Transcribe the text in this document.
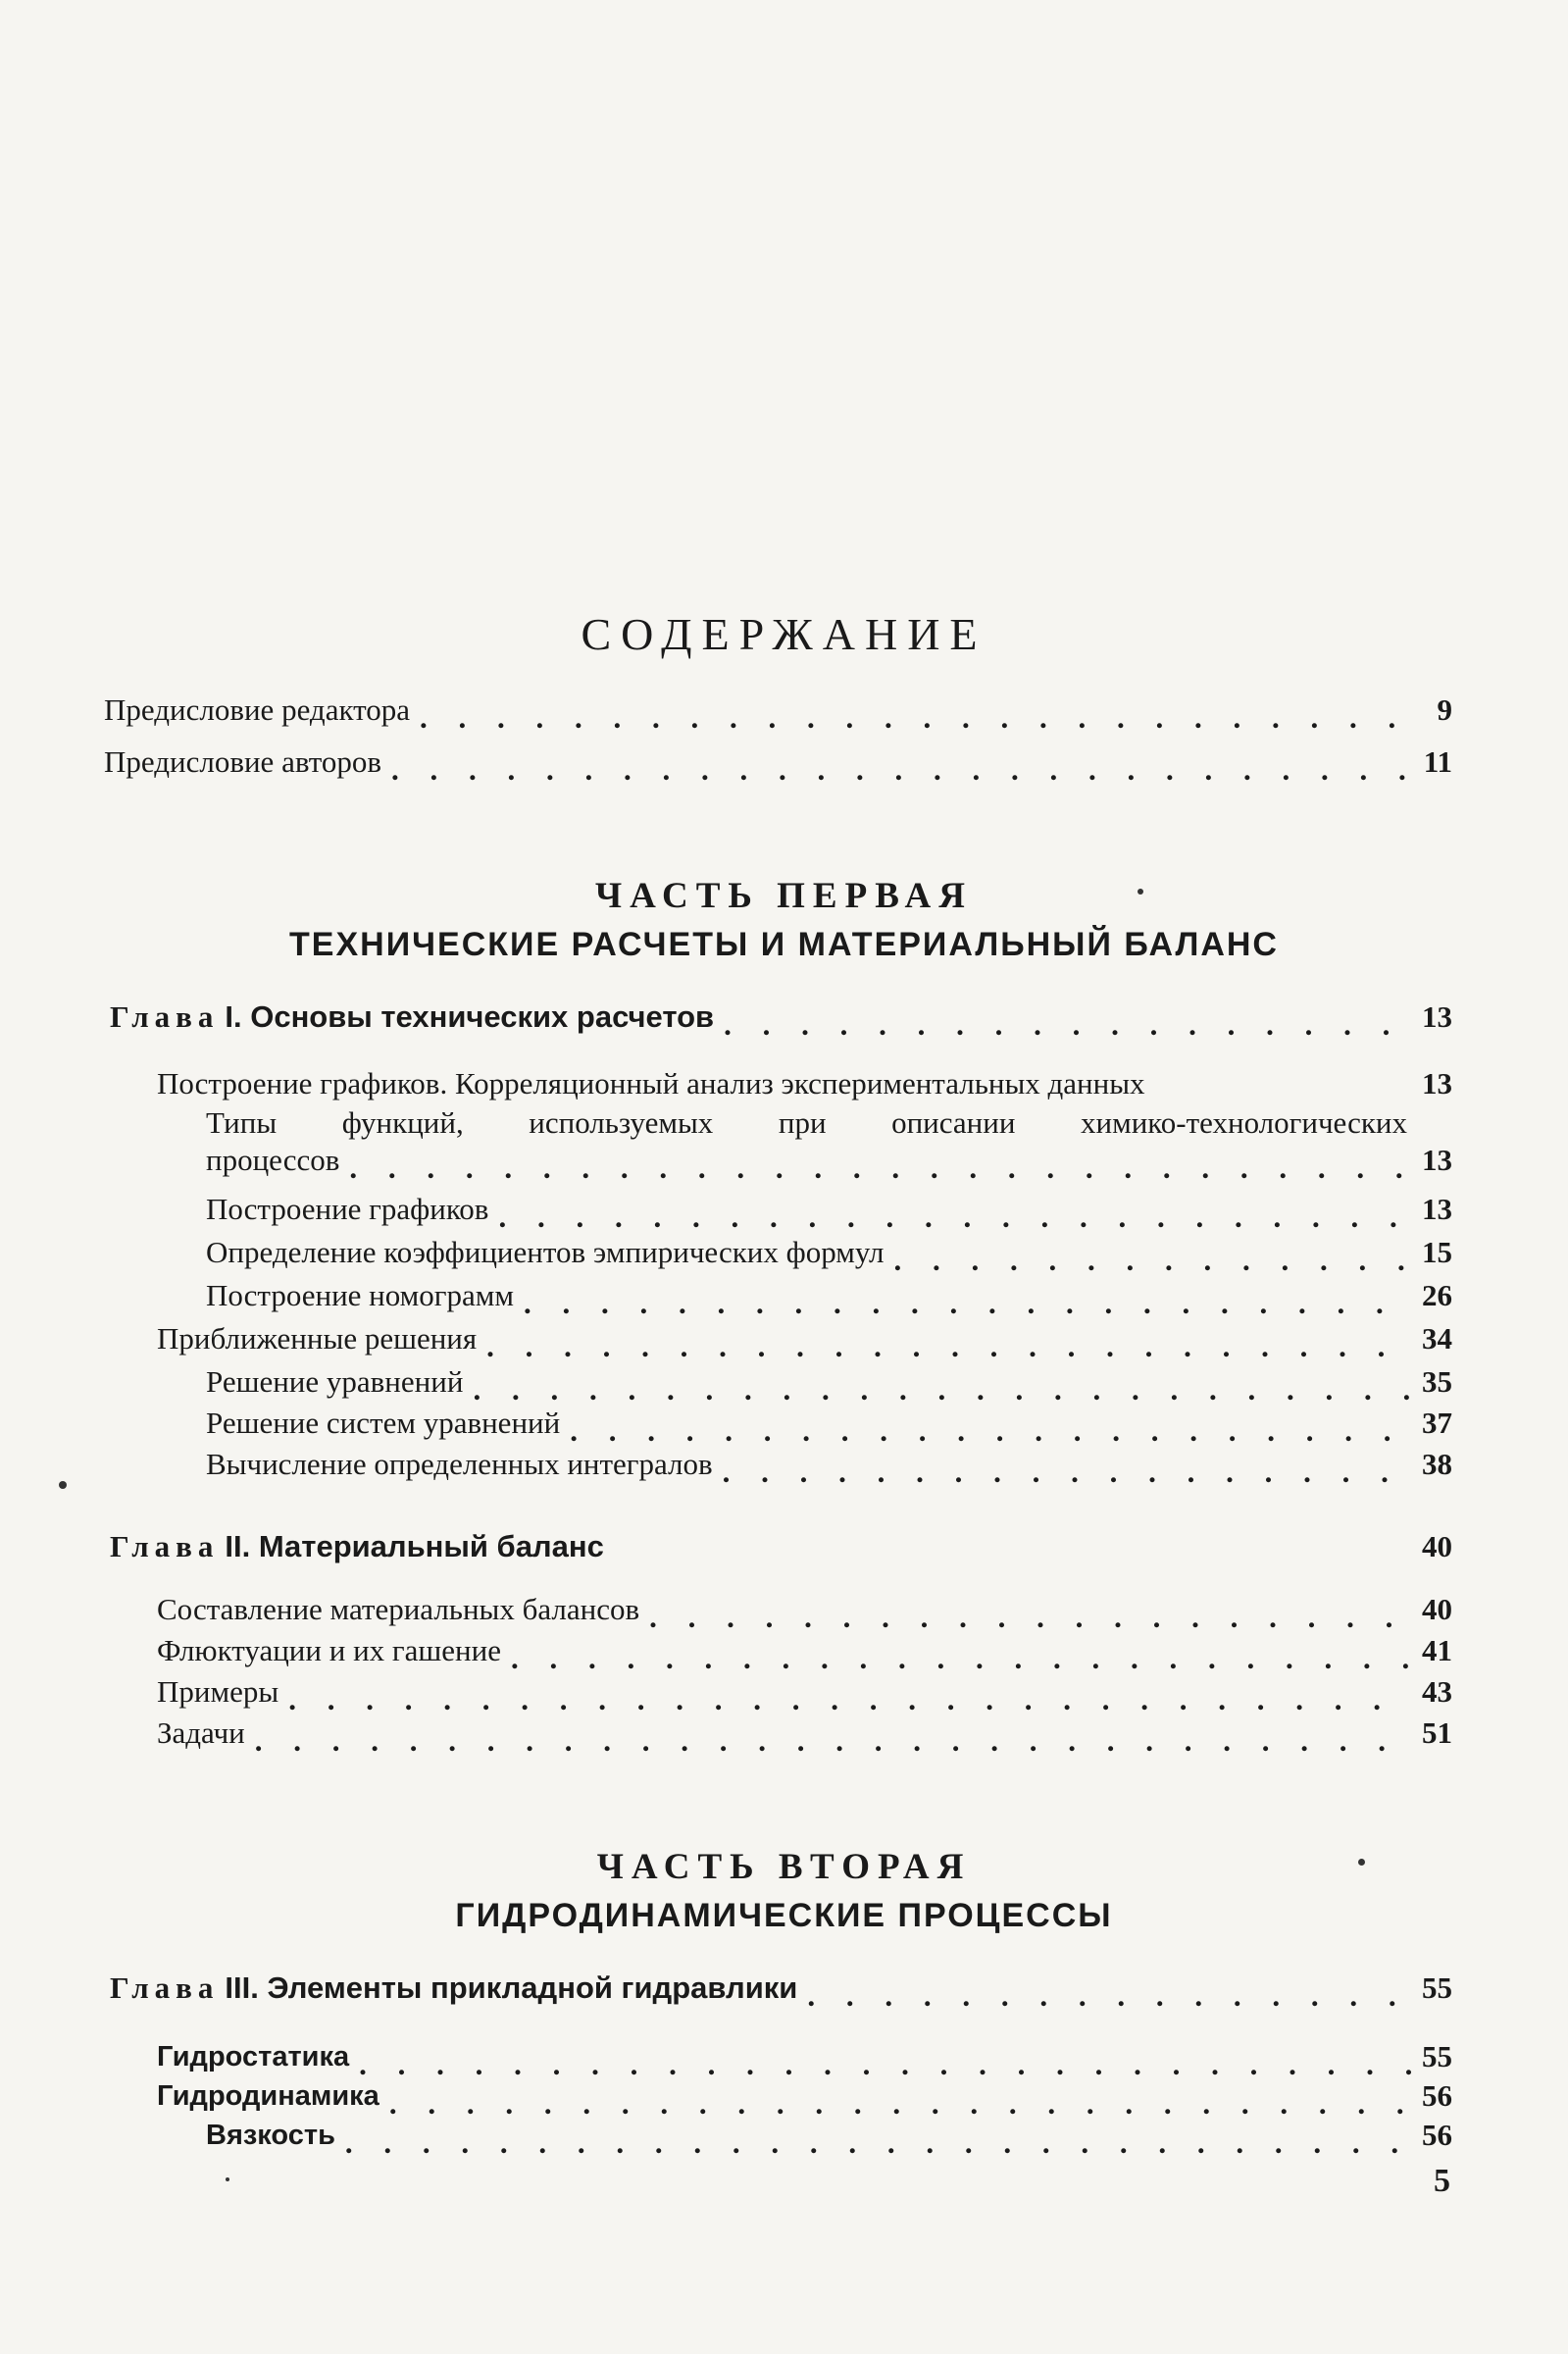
СОДЕРЖАНИЕ
Предисловие редактора . . .	9
Предисловие авторов . . .	11
ЧАСТЬ ПЕРВАЯ
ТЕХНИЧЕСКИЕ РАСЧЕТЫ И МАТЕРИАЛЬНЫЙ БАЛАНС
Глава I. Основы технических расчетов . . .	13
Построение графиков. Корреляционный анализ экспериментальных данных	13
Типы функций, используемых при описании химико-технологических
процессов . . .	13
Построение графиков . . .	13
Определение коэффициентов эмпирических формул . . .	15
Построение номограмм . . .	26
Приближенные решения . . .	34
Решение уравнений . . .	35
Решение систем уравнений . . .	37
Вычисление определенных интегралов . . .	38
Глава II. Материальный баланс	40
Составление материальных балансов . . .	40
Флюктуации и их гашение . . .	41
Примеры . . .	43
Задачи . . .	51
ЧАСТЬ ВТОРАЯ
ГИДРОДИНАМИЧЕСКИЕ ПРОЦЕССЫ
Глава III. Элементы прикладной гидравлики . . .	55
Гидростатика . . .	55
Гидродинамика . . .	56
Вязкость . . .	56
5
